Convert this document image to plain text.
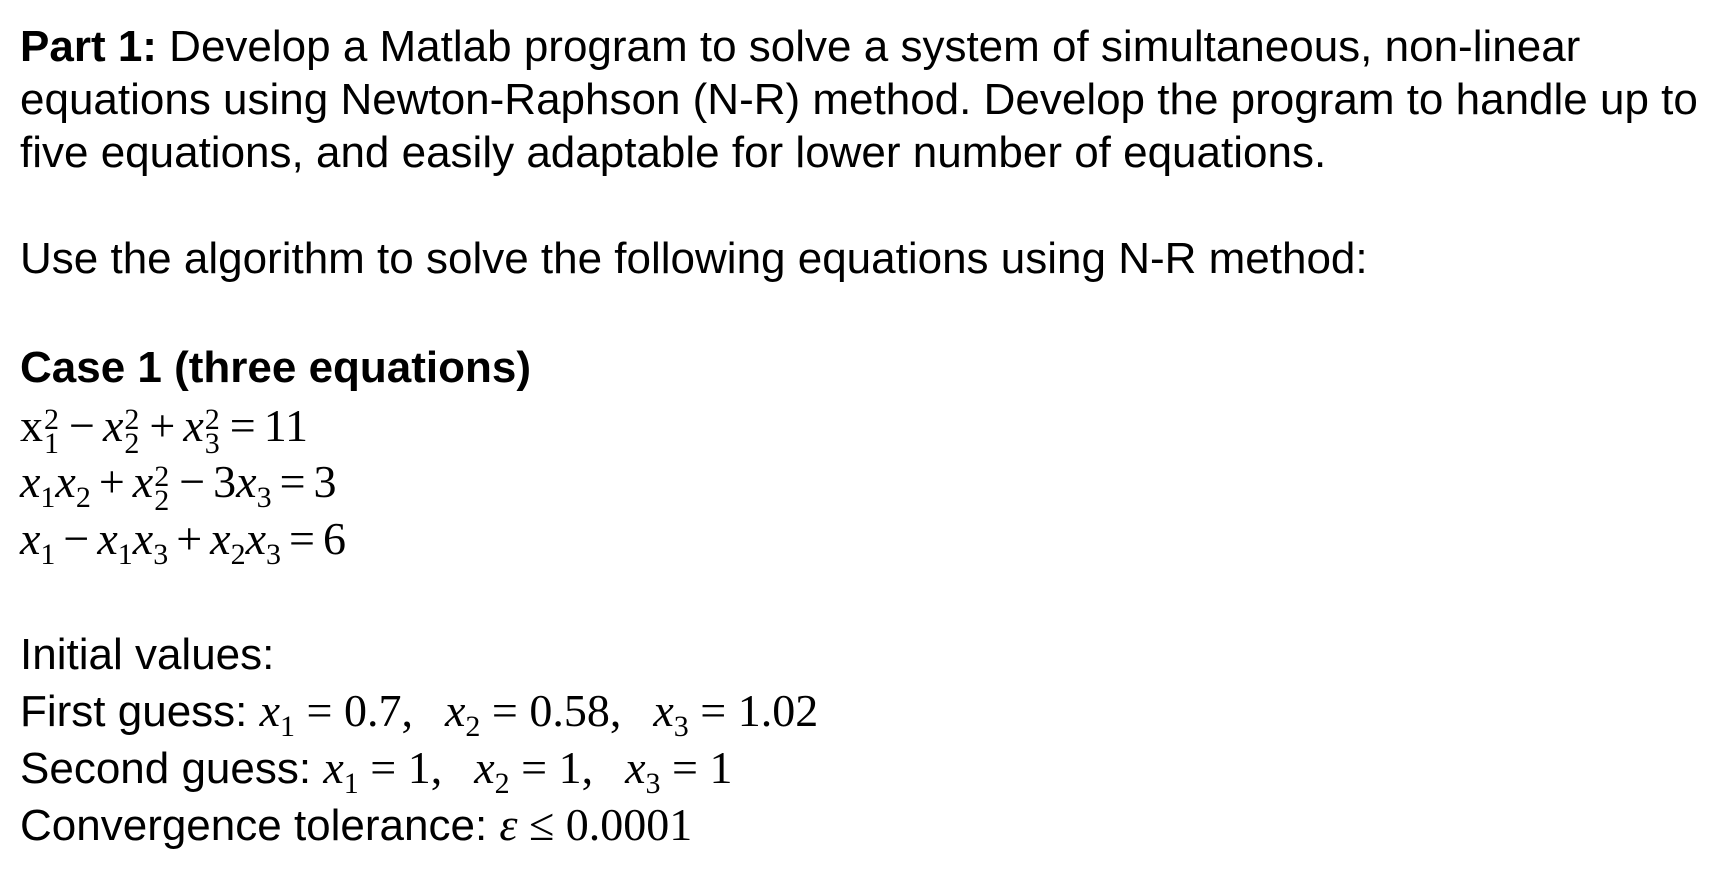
Part 1: Develop a Matlab program to solve a system of simultaneous, non-linear equations using Newton-Raphson (N-R) method. Develop the program to handle up to five equations, and easily adaptable for lower number of equations.

Use the algorithm to solve the following equations using N-R method:

Case 1 (three equations)

x 2
1 − x 2
2 + x 2
3 = 11

$x_1x_2 + x$ 2
$2 - 3x_3 = 3$

$x_1 - x_1x_3 + x_2x_3 = 6$

Initial values:

First guess: $x_1 = 0.7$, $x_2 = 0.58$, $x_3 = 1.02$

Second guess: $x_1 = 1$, $x_2 = 1$, $x_3 = 1$

Convergence tolerance: ε ≤ 0.0001
